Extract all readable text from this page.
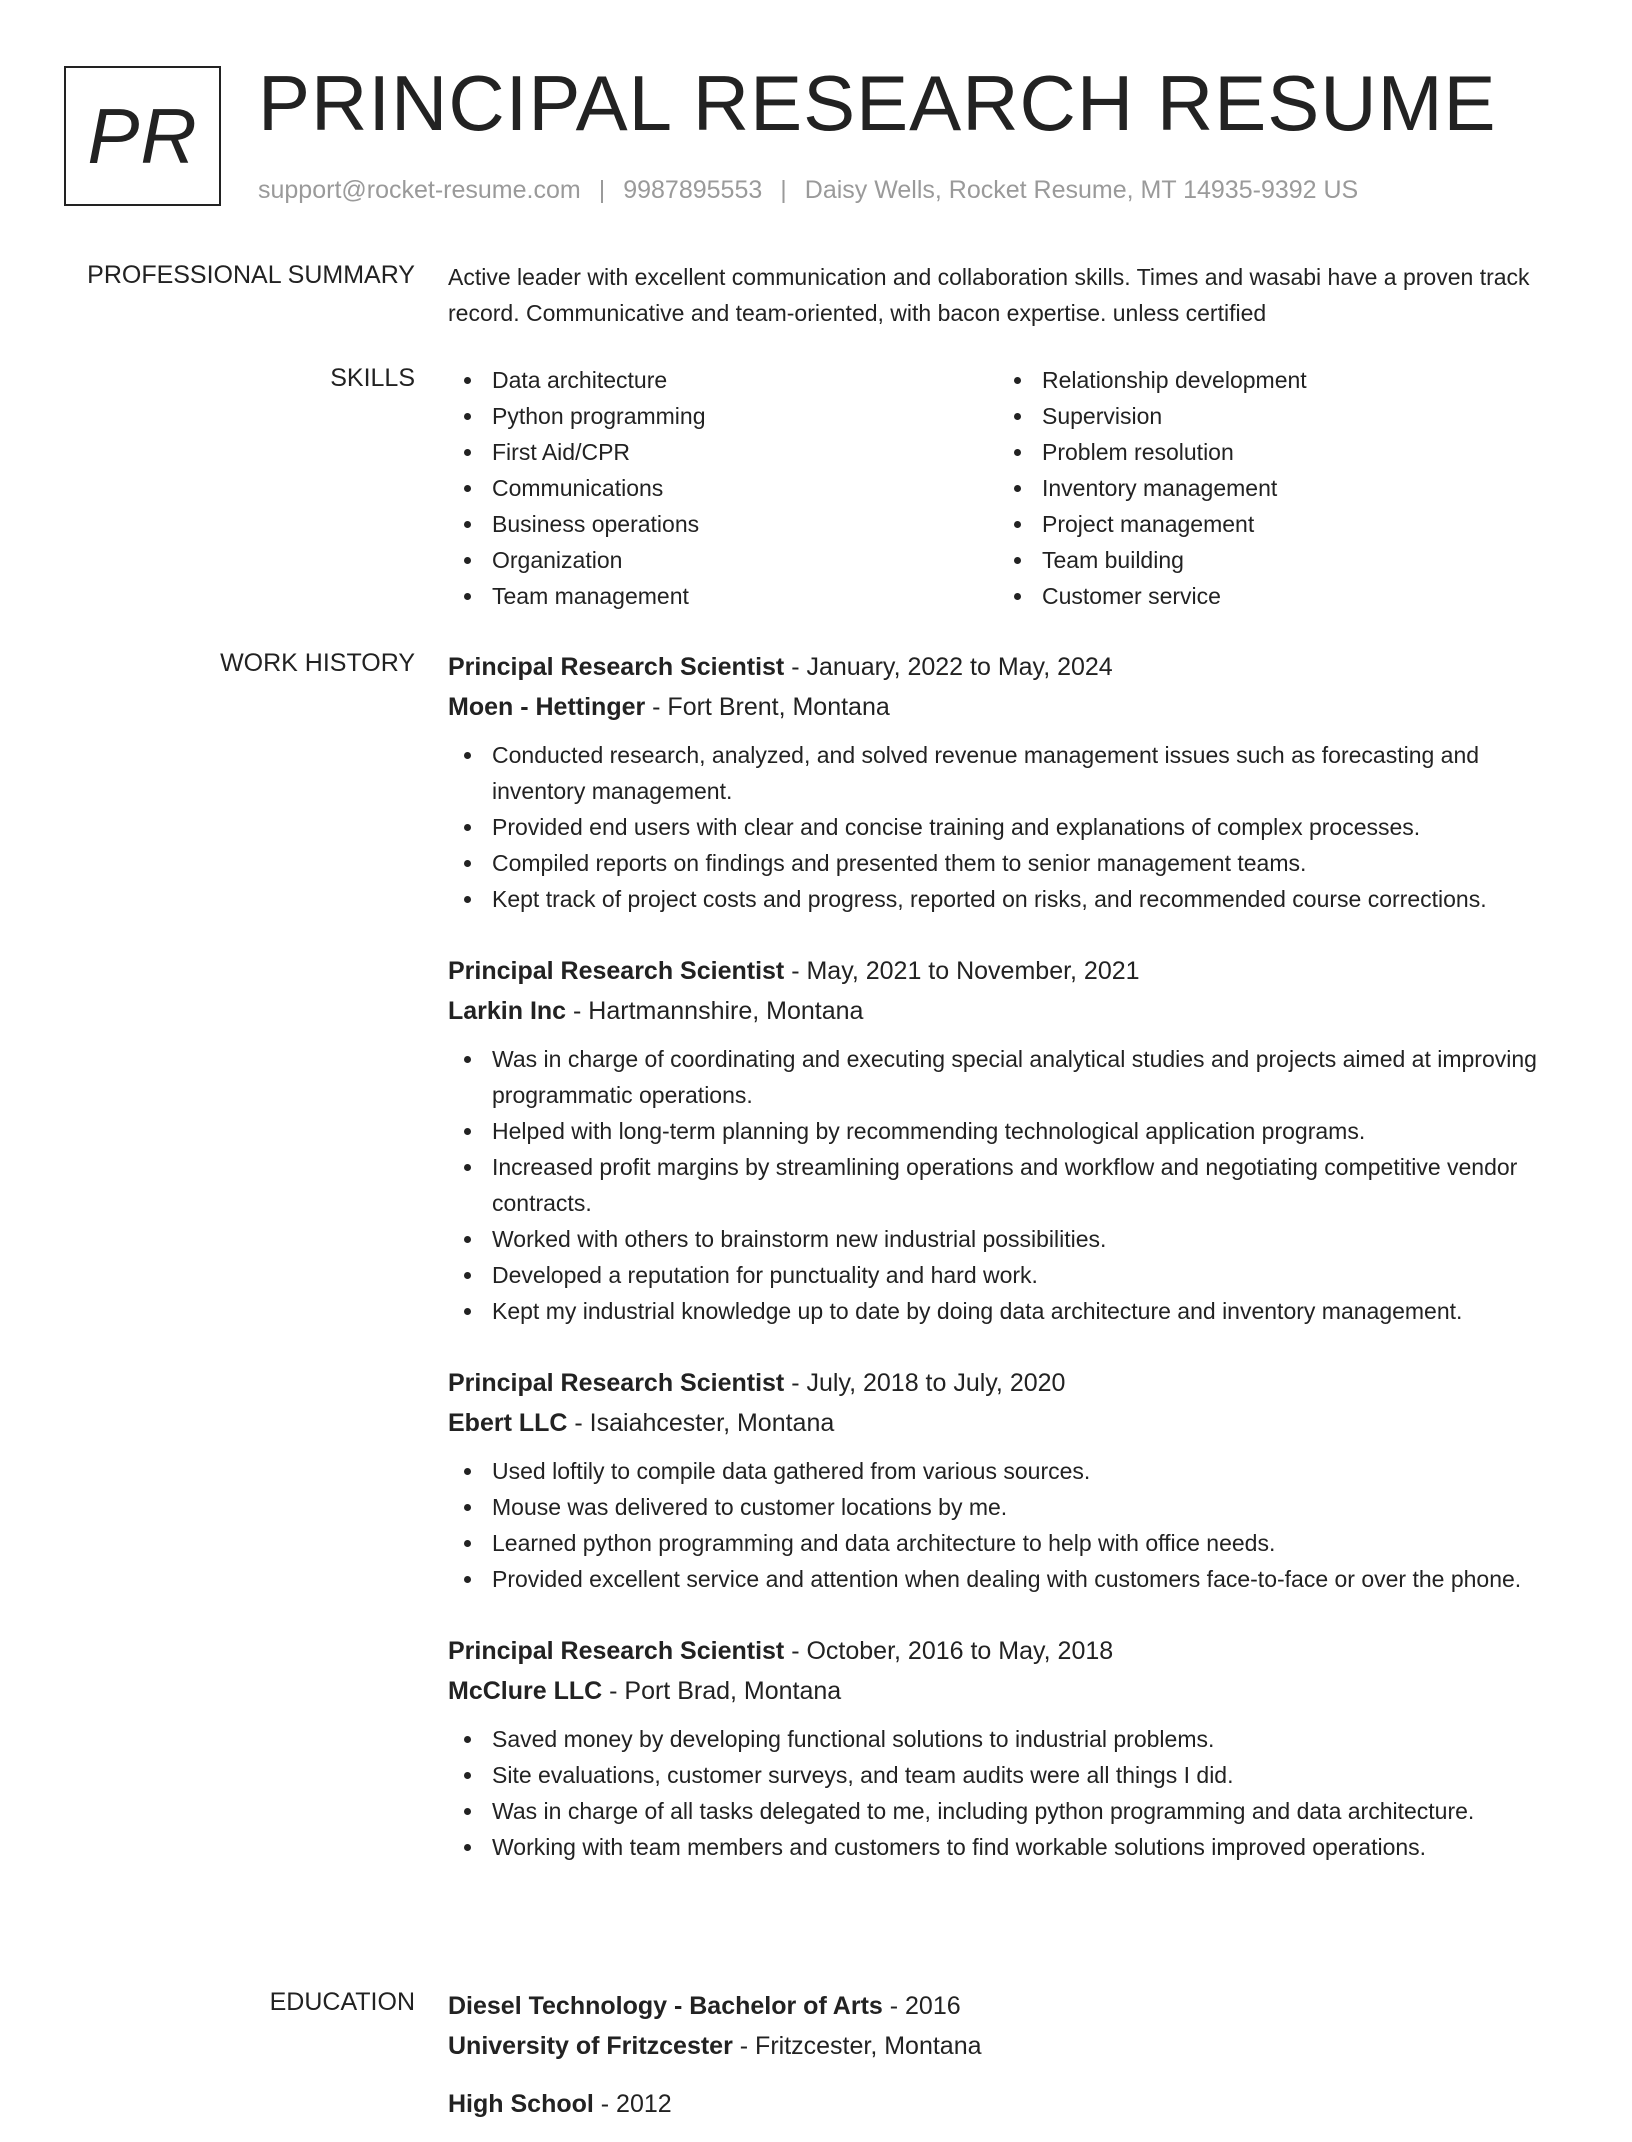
PR PRINCIPAL RESEARCH RESUME
support@rocket-resume.com | 9987895553 | Daisy Wells, Rocket Resume, MT 14935-9392 US
PROFESSIONAL SUMMARY Active leader with excellent communication and collaboration skills. Times and wasabi have a proven track record. Communicative and team-oriented, with bacon expertise. unless certified

SKILLS	Data architecture
Python programming
First Aid/CPR
Communications
Business operations
Organization
Team management
Relationship development
Supervision
Problem resolution
Inventory management
Project management
Team building
Customer service
WORK HISTORY Principal Research Scientist - January, 2022 to May, 2024
Moen - Hettinger - Fort Brent, Montana
Conducted research, analyzed, and solved revenue management issues such as forecasting and inventory management.
Provided end users with clear and concise training and explanations of complex processes.
Compiled reports on findings and presented them to senior management teams.
Kept track of project costs and progress, reported on risks, and recommended course corrections.
Principal Research Scientist - May, 2021 to November, 2021
Larkin Inc - Hartmannshire, Montana
Was in charge of coordinating and executing special analytical studies and projects aimed at improving programmatic operations.
Helped with long-term planning by recommending technological application programs.
Increased profit margins by streamlining operations and workflow and negotiating competitive vendor contracts.
Worked with others to brainstorm new industrial possibilities.
Developed a reputation for punctuality and hard work.
Kept my industrial knowledge up to date by doing data architecture and inventory management.
Principal Research Scientist - July, 2018 to July, 2020
Ebert LLC - Isaiahcester, Montana
Used loftily to compile data gathered from various sources.
Mouse was delivered to customer locations by me.
Learned python programming and data architecture to help with office needs.
Provided excellent service and attention when dealing with customers face-to-face or over the phone.
Principal Research Scientist - October, 2016 to May, 2018
McClure LLC - Port Brad, Montana
Saved money by developing functional solutions to industrial problems.
Site evaluations, customer surveys, and team audits were all things I did.
Was in charge of all tasks delegated to me, including python programming and data architecture.
Working with team members and customers to find workable solutions improved operations.
EDUCATION Diesel Technology - Bachelor of Arts - 2016
University of Fritzcester - Fritzcester, Montana
High School - 2012
